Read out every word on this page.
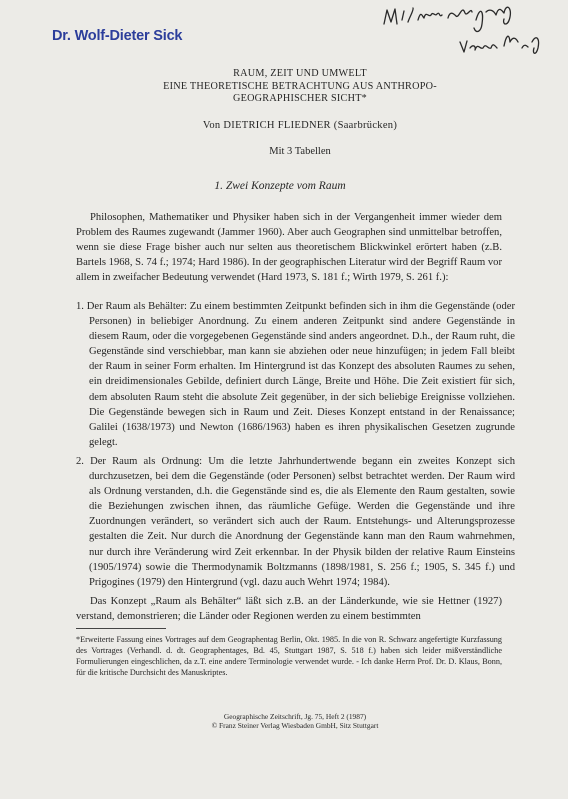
Dr. Wolf-Dieter Sick
RAUM, ZEIT UND UMWELT
EINE THEORETISCHE BETRACHTUNG AUS ANTHROPO-
GEOGRAPHISCHER SICHT*
Von DIETRICH FLIEDNER (Saarbrücken)
Mit 3 Tabellen
1. Zwei Konzepte vom Raum
Philosophen, Mathematiker und Physiker haben sich in der Vergangenheit immer wieder dem Problem des Raumes zugewandt (Jammer 1960). Aber auch Geographen sind unmittelbar betroffen, wenn sie diese Frage bisher auch nur selten aus theoretischem Blickwinkel erörtert haben (z.B. Bartels 1968, S. 74 f.; 1974; Hard 1986). In der geographischen Literatur wird der Begriff Raum vor allem in zweifacher Bedeutung verwendet (Hard 1973, S. 181 f.; Wirth 1979, S. 261 f.):
1. Der Raum als Behälter: Zu einem bestimmten Zeitpunkt befinden sich in ihm die Gegenstände (oder Personen) in beliebiger Anordnung. Zu einem anderen Zeitpunkt sind andere Gegenstände in diesem Raum, oder die vorgegebenen Gegenstände sind anders angeordnet. D.h., der Raum ruht, die Gegenstände sind verschiebbar, man kann sie abziehen oder neue hinzufügen; in jedem Fall bleibt der Raum in seiner Form erhalten. Im Hintergrund ist das Konzept des absoluten Raumes zu sehen, ein dreidimensionales Gebilde, definiert durch Länge, Breite und Höhe. Die Zeit existiert für sich, dem absoluten Raum steht die absolute Zeit gegenüber, in der sich beliebige Ereignisse vollziehen. Die Gegenstände bewegen sich in Raum und Zeit. Dieses Konzept entstand in der Renaissance; Galilei (1638/1973) und Newton (1686/1963) haben es ihren physikalischen Gesetzen zugrunde gelegt.
2. Der Raum als Ordnung: Um die letzte Jahrhundertwende begann ein zweites Konzept sich durchzusetzen, bei dem die Gegenstände (oder Personen) selbst betrachtet werden. Der Raum wird als Ordnung verstanden, d.h. die Gegenstände sind es, die als Elemente den Raum gestalten, sowie die Beziehungen zwischen ihnen, das räumliche Gefüge. Werden die Gegenstände und ihre Zuordnungen verändert, so verändert sich auch der Raum. Entstehungs- und Alterungsprozesse gestalten die Zeit. Nur durch die Anordnung der Gegenstände kann man den Raum wahrnehmen, nur durch ihre Veränderung wird Zeit erkennbar. In der Physik bilden der relative Raum Einsteins (1905/1974) sowie die Thermodynamik Boltzmanns (1898/1981, S. 256 f.; 1905, S. 345 f.) und Prigogines (1979) den Hintergrund (vgl. dazu auch Wehrt 1974; 1984).
Das Konzept „Raum als Behälter“ läßt sich z.B. an der Länderkunde, wie sie Hettner (1927) verstand, demonstrieren; die Länder oder Regionen werden zu einem bestimmten
*Erweiterte Fassung eines Vortrages auf dem Geographentag Berlin, Okt. 1985. In die von R. Schwarz angefertigte Kurzfassung des Vortrages (Verhandl. d. dt. Geographentages, Bd. 45, Stuttgart 1987, S. 518 f.) haben sich leider mißverständliche Formulierungen eingeschlichen, da z.T. eine andere Terminologie verwendet wurde. - Ich danke Herrn Prof. Dr. D. Klaus, Bonn, für die kritische Durchsicht des Manuskriptes.
Geographische Zeitschrift, Jg. 75, Heft 2 (1987)
© Franz Steiner Verlag Wiesbaden GmbH, Sitz Stuttgart
